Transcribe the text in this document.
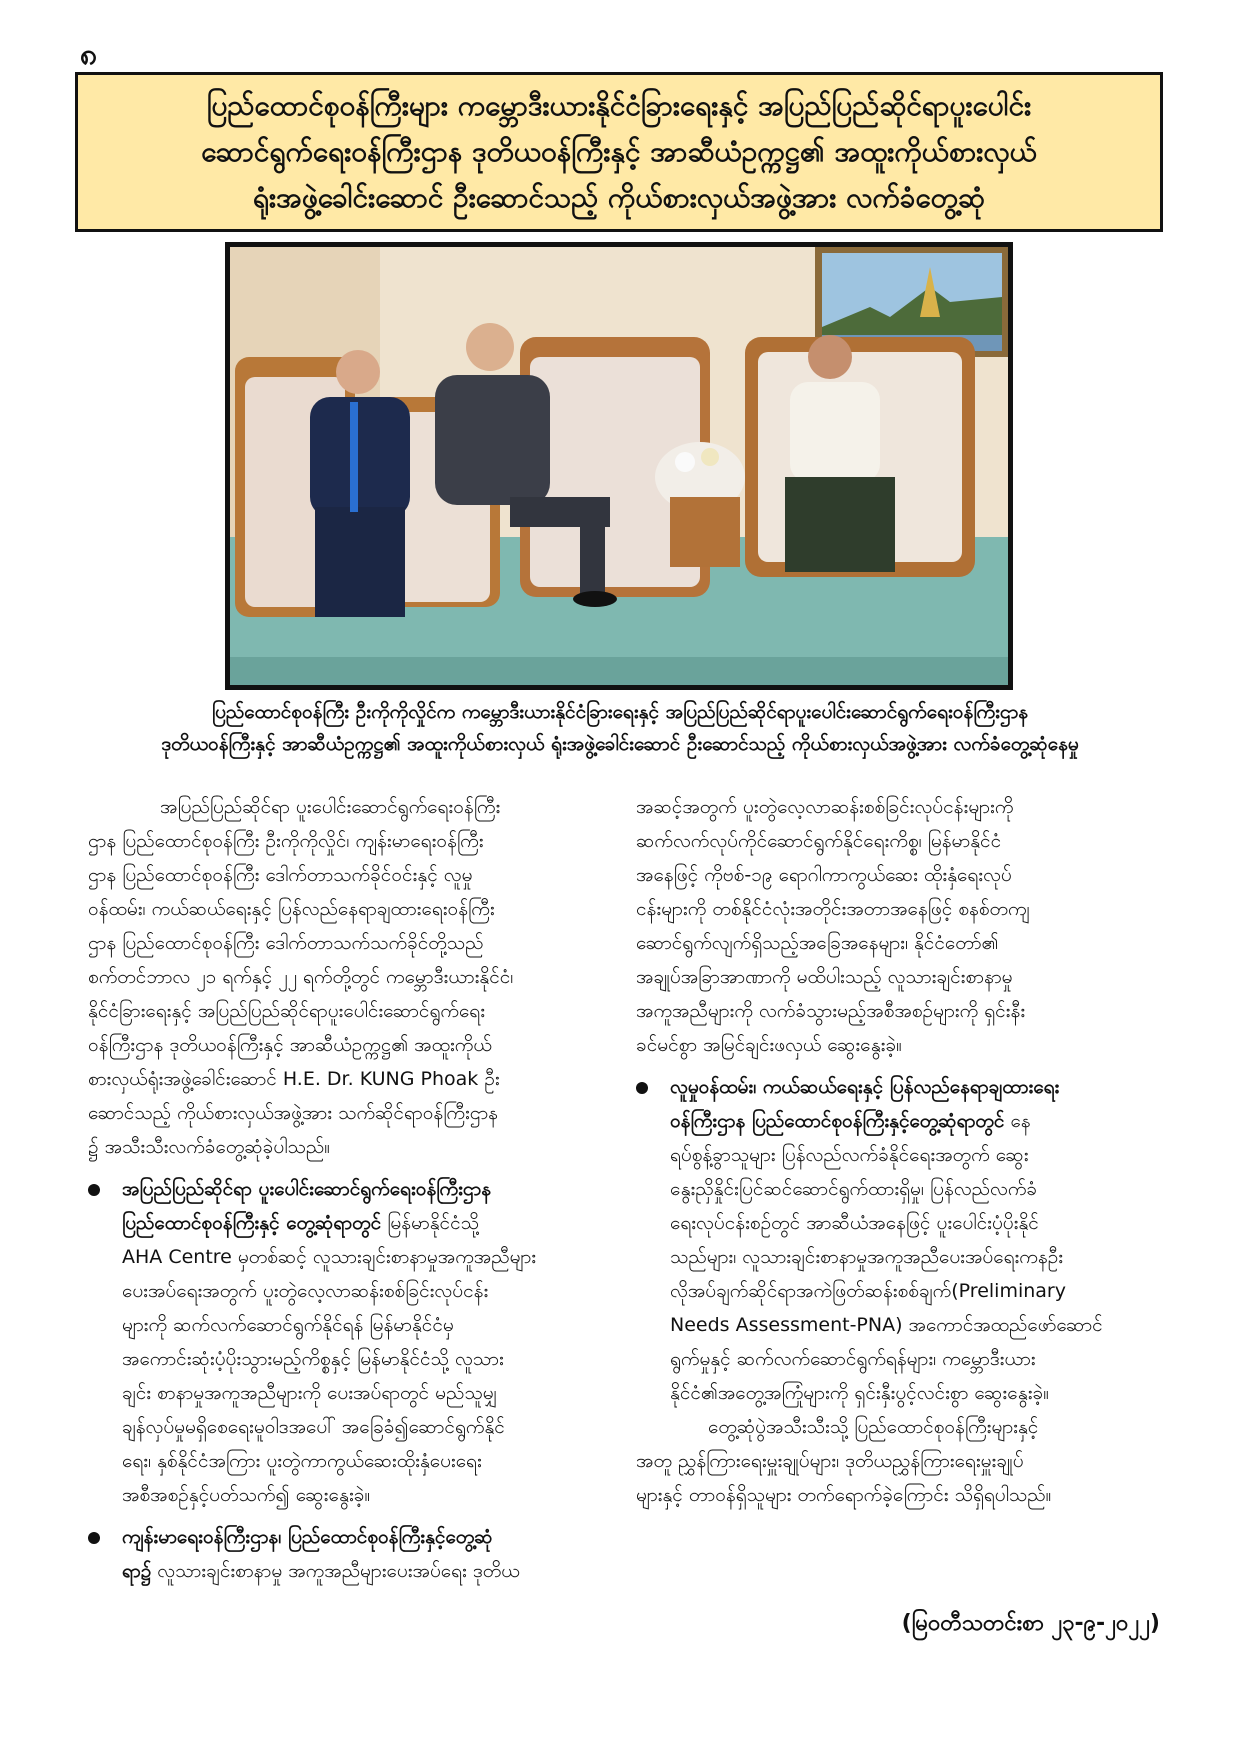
၈
ပြည်ထောင်စုဝန်ကြီးများ ကမ္ဘောဒီးယားနိုင်ငံခြားရေးနှင့် အပြည်ပြည်ဆိုင်ရာပူးပေါင်း
ဆောင်ရွက်ရေးဝန်ကြီးဌာန ဒုတိယဝန်ကြီးနှင့် အာဆီယံဥက္ကဋ္ဌ၏ အထူးကိုယ်စားလှယ်
ရုံးအဖွဲ့ခေါင်းဆောင် ဦးဆောင်သည့် ကိုယ်စားလှယ်အဖွဲ့အား လက်ခံတွေ့ဆုံ
ပြည်ထောင်စုဝန်ကြီး ဦးကိုကိုလှိုင်က ကမ္ဘောဒီးယားနိုင်ငံခြားရေးနှင့် အပြည်ပြည်ဆိုင်ရာပူးပေါင်းဆောင်ရွက်ရေးဝန်ကြီးဌာန
ဒုတိယဝန်ကြီးနှင့် အာဆီယံဥက္ကဋ္ဌ၏ အထူးကိုယ်စားလှယ် ရုံးအဖွဲ့ခေါင်းဆောင် ဦးဆောင်သည့် ကိုယ်စားလှယ်အဖွဲ့အား လက်ခံတွေ့ဆုံနေမှု
အပြည်ပြည်ဆိုင်ရာ ပူးပေါင်းဆောင်ရွက်ရေးဝန်ကြီး
ဌာန ပြည်ထောင်စုဝန်ကြီး ဦးကိုကိုလှိုင်၊ ကျန်းမာရေးဝန်ကြီး
ဌာန ပြည်ထောင်စုဝန်ကြီး ဒေါက်တာသက်ခိုင်ဝင်းနှင့် လူမှု
ဝန်ထမ်း၊ ကယ်ဆယ်ရေးနှင့် ပြန်လည်နေရာချထားရေးဝန်ကြီး
ဌာန ပြည်ထောင်စုဝန်ကြီး ဒေါက်တာသက်သက်ခိုင်တို့သည်
စက်တင်ဘာလ ၂၁ ရက်နှင့် ၂၂ ရက်တို့တွင် ကမ္ဘောဒီးယားနိုင်ငံ၊
နိုင်ငံခြားရေးနှင့် အပြည်ပြည်ဆိုင်ရာပူးပေါင်းဆောင်ရွက်ရေး
ဝန်ကြီးဌာန ဒုတိယဝန်ကြီးနှင့် အာဆီယံဥက္ကဋ္ဌ၏ အထူးကိုယ်
စားလှယ်ရုံးအဖွဲ့ခေါင်းဆောင် H.E. Dr. KUNG Phoak ဦး
ဆောင်သည့် ကိုယ်စားလှယ်အဖွဲ့အား သက်ဆိုင်ရာဝန်ကြီးဌာန
၌ အသီးသီးလက်ခံတွေ့ဆုံခဲ့ပါသည်။
အပြည်ပြည်ဆိုင်ရာ ပူးပေါင်းဆောင်ရွက်ရေးဝန်ကြီးဌာန
ပြည်ထောင်စုဝန်ကြီးနှင့် တွေ့ဆုံရာတွင် မြန်မာနိုင်ငံသို့
AHA Centre မှတစ်ဆင့် လူသားချင်းစာနာမှုအကူအညီများ
ပေးအပ်ရေးအတွက် ပူးတွဲလေ့လာဆန်းစစ်ခြင်းလုပ်ငန်း
များကို ဆက်လက်ဆောင်ရွက်နိုင်ရန် မြန်မာနိုင်ငံမှ
အကောင်းဆုံးပံ့ပိုးသွားမည့်ကိစ္စနှင့် မြန်မာနိုင်ငံသို့ လူသား
ချင်း စာနာမှုအကူအညီများကို ပေးအပ်ရာတွင် မည်သူမျှ
ချန်လှပ်မှုမရှိစေရေးမူဝါဒအပေါ် အခြေခံ၍ဆောင်ရွက်နိုင်
ရေး၊ နှစ်နိုင်ငံအကြား ပူးတွဲကာကွယ်ဆေးထိုးနှံပေးရေး
အစီအစဉ်နှင့်ပတ်သက်၍ ဆွေးနွေးခဲ့။
ကျန်းမာရေးဝန်ကြီးဌာန၊ ပြည်ထောင်စုဝန်ကြီးနှင့်တွေ့ဆုံ
ရာ၌ လူသားချင်းစာနာမှု အကူအညီများပေးအပ်ရေး ဒုတိယ
အဆင့်အတွက် ပူးတွဲလေ့လာဆန်းစစ်ခြင်းလုပ်ငန်းများကို
ဆက်လက်လုပ်ကိုင်ဆောင်ရွက်နိုင်ရေးကိစ္စ၊ မြန်မာနိုင်ငံ
အနေဖြင့် ကိုဗစ်-၁၉ ရောဂါကာကွယ်ဆေး ထိုးနှံရေးလုပ်
ငန်းများကို တစ်နိုင်ငံလုံးအတိုင်းအတာအနေဖြင့် စနစ်တကျ
ဆောင်ရွက်လျက်ရှိသည့်အခြေအနေများ၊ နိုင်ငံတော်၏
အချုပ်အခြာအာဏာကို မထိပါးသည့် လူသားချင်းစာနာမှု
အကူအညီများကို လက်ခံသွားမည့်အစီအစဉ်များကို ရှင်းနီး
ခင်မင်စွာ အမြင်ချင်းဖလှယ် ဆွေးနွေးခဲ့။
လူမှုဝန်ထမ်း၊ ကယ်ဆယ်ရေးနှင့် ပြန်လည်နေရာချထားရေး
ဝန်ကြီးဌာန ပြည်ထောင်စုဝန်ကြီးနှင့်တွေ့ဆုံရာတွင် နေ
ရပ်စွန့်ခွာသူများ ပြန်လည်လက်ခံနိုင်ရေးအတွက် ဆွေး
နွေးညှိနှိုင်းပြင်ဆင်ဆောင်ရွက်ထားရှိမှု၊ ပြန်လည်လက်ခံ
ရေးလုပ်ငန်းစဉ်တွင် အာဆီယံအနေဖြင့် ပူးပေါင်းပံ့ပိုးနိုင်
သည်များ၊ လူသားချင်းစာနာမှုအကူအညီပေးအပ်ရေးကနဦး
လိုအပ်ချက်ဆိုင်ရာအကဲဖြတ်ဆန်းစစ်ချက်(Preliminary
Needs Assessment-PNA) အကောင်အထည်ဖော်ဆောင်
ရွက်မှုနှင့် ဆက်လက်ဆောင်ရွက်ရန်များ၊ ကမ္ဘောဒီးယား
နိုင်ငံ၏အတွေ့အကြုံများကို ရှင်းနှီးပွင့်လင်းစွာ ဆွေးနွေးခဲ့။
တွေ့ဆုံပွဲအသီးသီးသို့ ပြည်ထောင်စုဝန်ကြီးများနှင့်
အတူ ညွှန်ကြားရေးမှူးချုပ်များ၊ ဒုတိယညွှန်ကြားရေးမှူးချုပ်
များနှင့် တာဝန်ရှိသူများ တက်ရောက်ခဲ့ကြောင်း သိရှိရပါသည်။
(မြဝတီသတင်းစာ ၂၃-၉-၂၀၂၂)
